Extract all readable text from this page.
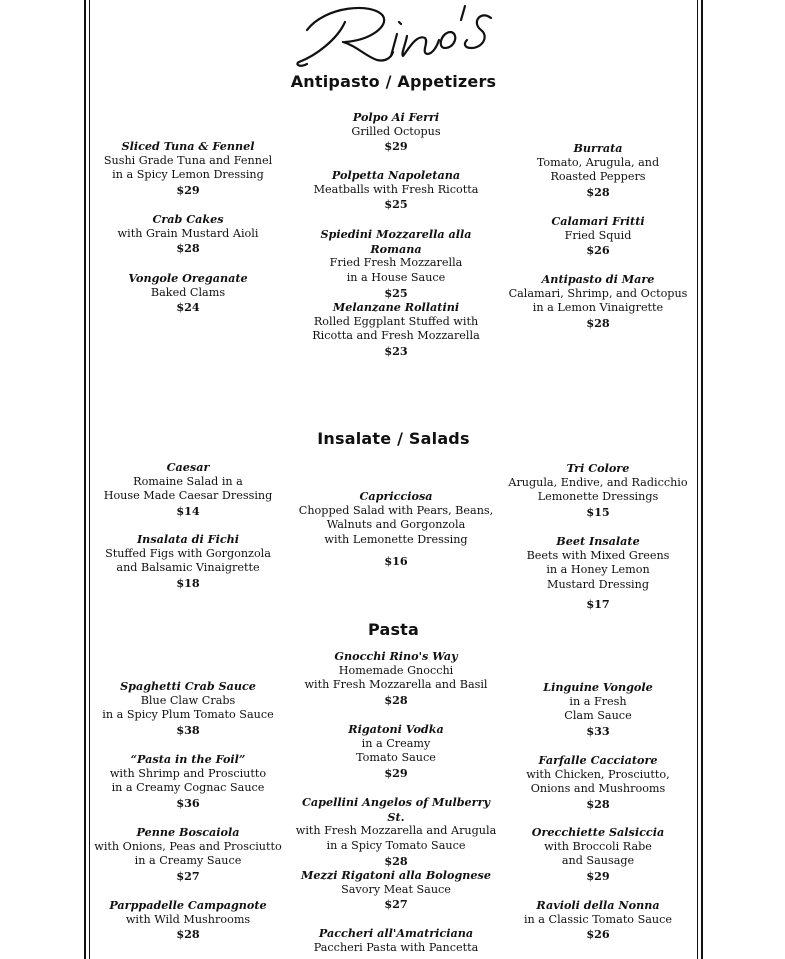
Antipasto / Appetizers
Sliced Tuna & Fennel
Sushi Grade Tuna and Fennel
in a Spicy Lemon Dressing
$29
Crab Cakes
with Grain Mustard Aioli
$28
Vongole Oreganate
Baked Clams
$24
Polpo Ai Ferri
Grilled Octopus
$29
Polpetta Napoletana
Meatballs with Fresh Ricotta
$25
Spiedini Mozzarella alla Romana
Fried Fresh Mozzarella
in a House Sauce
$25
Melanzane Rollatini
Rolled Eggplant Stuffed with
Ricotta and Fresh Mozzarella
$23
Burrata
Tomato, Arugula, and
Roasted Peppers
$28
Calamari Fritti
Fried Squid
$26
Antipasto di Mare
Calamari, Shrimp, and Octopus
in a Lemon Vinaigrette
$28
Insalate / Salads
Caesar
Romaine Salad in a
House Made Caesar Dressing
$14
Insalata di Fichi
Stuffed Figs with Gorgonzola
and Balsamic Vinaigrette
$18
Capricciosa
Chopped Salad with Pears, Beans,
Walnuts and Gorgonzola
with Lemonette Dressing
$16
Tri Colore
Arugula, Endive, and Radicchio
Lemonette Dressings
$15
Beet Insalate
Beets with Mixed Greens
in a Honey Lemon
Mustard Dressing
$17
Pasta
Spaghetti Crab Sauce
Blue Claw Crabs
in a Spicy Plum Tomato Sauce
$38
“Pasta in the Foil”
with Shrimp and Prosciutto
in a Creamy Cognac Sauce
$36
Penne Boscaiola
with Onions, Peas and Prosciutto
in a Creamy Sauce
$27
Parppadelle Campagnote
with Wild Mushrooms
$28
Gnocchi Rino's Way
Homemade Gnocchi
with Fresh Mozzarella and Basil
$28
Rigatoni Vodka
in a Creamy
Tomato Sauce
$29
Capellini Angelos of Mulberry St.
with Fresh Mozzarella and Arugula
in a Spicy Tomato Sauce
$28
Mezzi Rigatoni alla Bolognese
Savory Meat Sauce
$27
Paccheri all'Amatriciana
Paccheri Pasta with Pancetta
Linguine Vongole
in a Fresh
Clam Sauce
$33
Farfalle Cacciatore
with Chicken, Prosciutto,
Onions and Mushrooms
$28
Orecchiette Salsiccia
with Broccoli Rabe
and Sausage
$29
Ravioli della Nonna
in a Classic Tomato Sauce
$26
